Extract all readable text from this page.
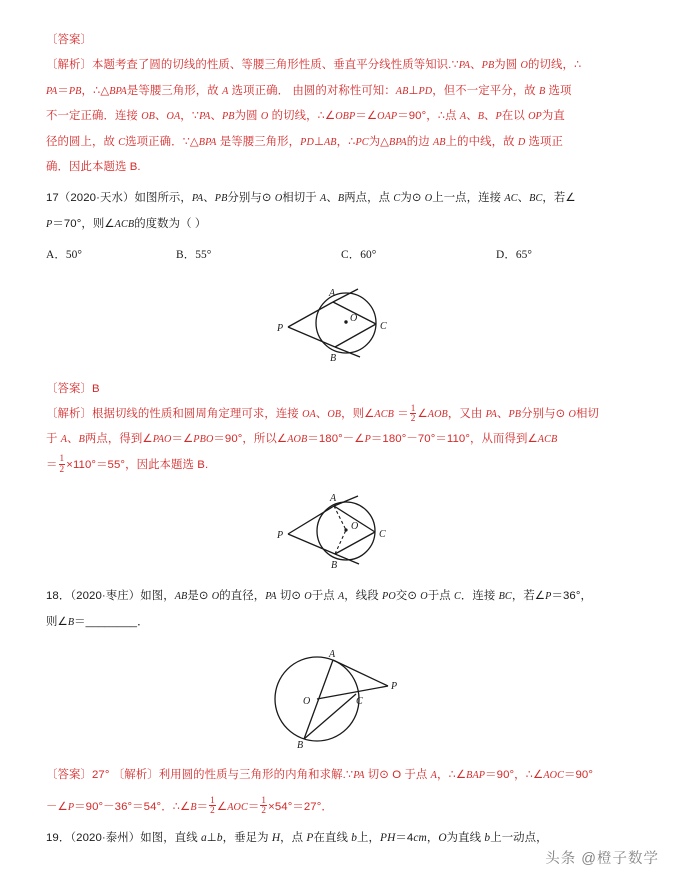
〔答案〕
〔解析〕本题考查了圆的切线的性质、等腰三角形性质、垂直平分线性质等知识.∵PA、PB为圆 O的切线，∴
PA＝PB，∴△BPA是等腰三角形，故 A 选项正确． 由圆的对称性可知：AB⊥PD，但不一定平分，故 B 选项
不一定正确．连接 OB、OA，∵PA、PB为圆 O 的切线，∴∠OBP＝∠OAP＝90°，∴点 A、B、P在以 OP为直
径的圆上，故 C选项正确．∵△BPA 是等腰三角形，PD⊥AB，∴PC为△BPA的边 AB上的中线，故 D 选项正
确．因此本题选 B.
17（2020·天水）如图所示，PA、PB分别与⊙ O相切于 A、B两点，点 C为⊙ O上一点，连接 AC、BC，若∠
P＝70°，则∠ACB的度数为（ ）
A．50°	B．55°	C．60°	D．65°
P
A
B
C
O
〔答案〕B
〔解析〕根据切线的性质和圆周角定理可求，连接 OA、OB，则∠ACB ＝ $\frac{1}{2}$ ∠AOB，又由 PA、PB分别与⊙ O相切
于 A、B两点，得到∠PAO＝∠PBO＝90°，所以∠AOB＝180°－∠P＝180°－70°＝110°，从而得到∠ACB
＝ $\frac{1}{2} \times 110^\circ=55^\circ$，因此本题选 B.
P
A
B
C
O
18．（2020·枣庄）如图，AB是⊙ O的直径，PA 切⊙ O于点 A，线段 PO交⊙ O于点 C．连接 BC，若∠P＝36°，
则∠B＝________．
A
B
C
O
P
〔答案〕27° 〔解析〕利用圆的性质与三角形的内角和求解.∵PA 切⊙ O 于点 A，∴∠BAP＝90°，∴∠AOC＝90°
－∠P＝90°－36°＝54°．∴∠B＝ $\frac{1}{2}$ ∠AOC＝ $\frac{1}{2} \times 54^\circ=27^\circ$．
19．（2020·泰州）如图，直线 a⊥b，垂足为 H，点 P在直线 b上，PH＝4cm，O为直线 b上一动点，
头条 @橙子数学
